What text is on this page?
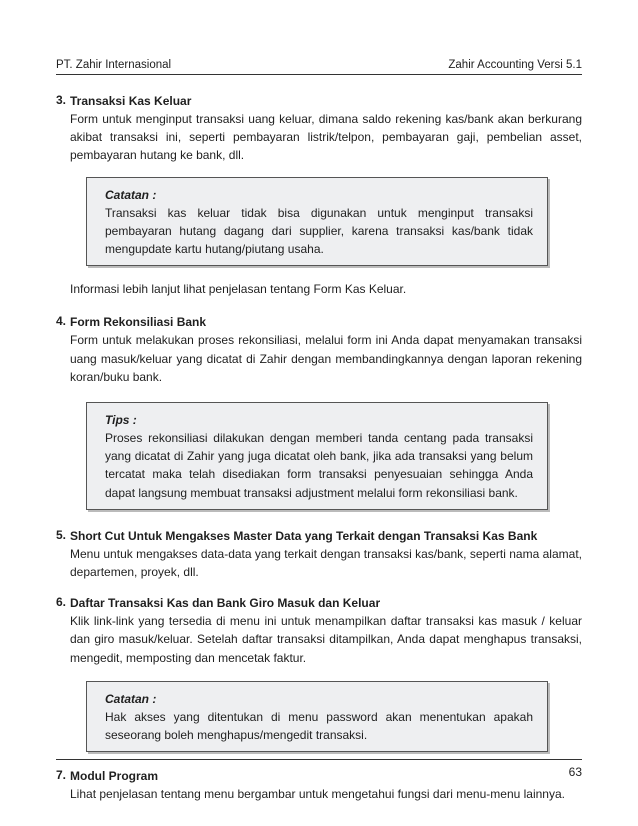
PT. Zahir Internasional	Zahir Accounting Versi 5.1
3. Transaksi Kas Keluar

Form untuk menginput transaksi uang keluar, dimana saldo rekening kas/bank akan berkurang akibat transaksi ini, seperti pembayaran listrik/telpon, pembayaran gaji, pembelian asset, pembayaran hutang ke bank, dll.

Catatan :

Transaksi kas keluar tidak bisa digunakan untuk menginput transaksi pembayaran hutang dagang dari supplier, karena transaksi kas/bank tidak mengupdate kartu hutang/piutang usaha.

Informasi lebih lanjut lihat penjelasan tentang Form Kas Keluar.

4. Form Rekonsiliasi Bank

Form untuk melakukan proses rekonsiliasi, melalui form ini Anda dapat menyamakan transaksi uang masuk/keluar yang dicatat di Zahir dengan membandingkannya dengan laporan rekening koran/buku bank.

Tips :

Proses rekonsiliasi dilakukan dengan memberi tanda centang pada transaksi yang dicatat di Zahir yang juga dicatat oleh bank, jika ada transaksi yang belum tercatat maka telah disediakan form transaksi penyesuaian sehingga Anda dapat langsung membuat transaksi adjustment melalui form rekonsiliasi bank.

5. Short Cut Untuk Mengakses Master Data yang Terkait dengan Transaksi Kas Bank

Menu untuk mengakses data-data yang terkait dengan transaksi kas/bank, seperti nama alamat, departemen, proyek, dll.

6. Daftar Transaksi Kas dan Bank Giro Masuk dan Keluar

Klik link-link yang tersedia di menu ini untuk menampilkan daftar transaksi kas masuk / keluar dan giro masuk/keluar. Setelah daftar transaksi ditampilkan, Anda dapat menghapus transaksi, mengedit, memposting dan mencetak faktur.

Catatan :

Hak akses yang ditentukan di menu password akan menentukan apakah seseorang boleh menghapus/mengedit transaksi.

7. Modul Program

Lihat penjelasan tentang menu bergambar untuk mengetahui fungsi dari menu-menu lainnya.

63
